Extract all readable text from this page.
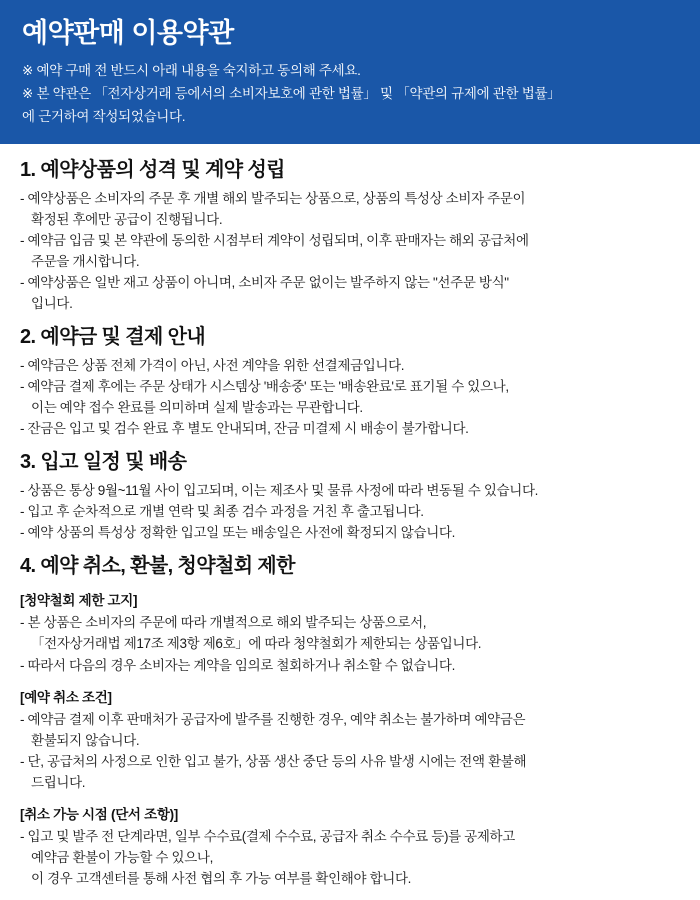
예약판매 이용약관

※ 예약 구매 전 반드시 아래 내용을 숙지하고 동의해 주세요.

※ 본 약관은 「전자상거래 등에서의 소비자보호에 관한 법률」 및 「약관의 규제에 관한 법률」

에 근거하여 작성되었습니다.

1. 예약상품의 성격 및 계약 성립

- 예약상품은 소비자의 주문 후 개별 해외 발주되는 상품으로, 상품의 특성상 소비자 주문이

확정된 후에만 공급이 진행됩니다.

- 예약금 입금 및 본 약관에 동의한 시점부터 계약이 성립되며, 이후 판매자는 해외 공급처에

주문을 개시합니다.

- 예약상품은 일반 재고 상품이 아니며, 소비자 주문 없이는 발주하지 않는 "선주문 방식"

입니다.

2. 예약금 및 결제 안내

- 예약금은 상품 전체 가격이 아닌, 사전 계약을 위한 선결제금입니다.

- 예약금 결제 후에는 주문 상태가 시스템상 '배송중' 또는 '배송완료'로 표기될 수 있으나,

이는 예약 접수 완료를 의미하며 실제 발송과는 무관합니다.

- 잔금은 입고 및 검수 완료 후 별도 안내되며, 잔금 미결제 시 배송이 불가합니다.

3. 입고 일정 및 배송

- 상품은 통상 9월~11월 사이 입고되며, 이는 제조사 및 물류 사정에 따라 변동될 수 있습니다.

- 입고 후 순차적으로 개별 연락 및 최종 검수 과정을 거친 후 출고됩니다.

- 예약 상품의 특성상 정확한 입고일 또는 배송일은 사전에 확정되지 않습니다.

4. 예약 취소, 환불, 청약철회 제한

[청약철회 제한 고지]

- 본 상품은 소비자의 주문에 따라 개별적으로 해외 발주되는 상품으로서,

「전자상거래법 제17조 제3항 제6호」에 따라 청약철회가 제한되는 상품입니다.

- 따라서 다음의 경우 소비자는 계약을 임의로 철회하거나 취소할 수 없습니다.

[예약 취소 조건]

- 예약금 결제 이후 판매처가 공급자에 발주를 진행한 경우, 예약 취소는 불가하며 예약금은

환불되지 않습니다.

- 단, 공급처의 사정으로 인한 입고 불가, 상품 생산 중단 등의 사유 발생 시에는 전액 환불해

드립니다.

[취소 가능 시점 (단서 조항)]

- 입고 및 발주 전 단계라면, 일부 수수료(결제 수수료, 공급자 취소 수수료 등)를 공제하고

예약금 환불이 가능할 수 있으나,

이 경우 고객센터를 통해 사전 협의 후 가능 여부를 확인해야 합니다.
